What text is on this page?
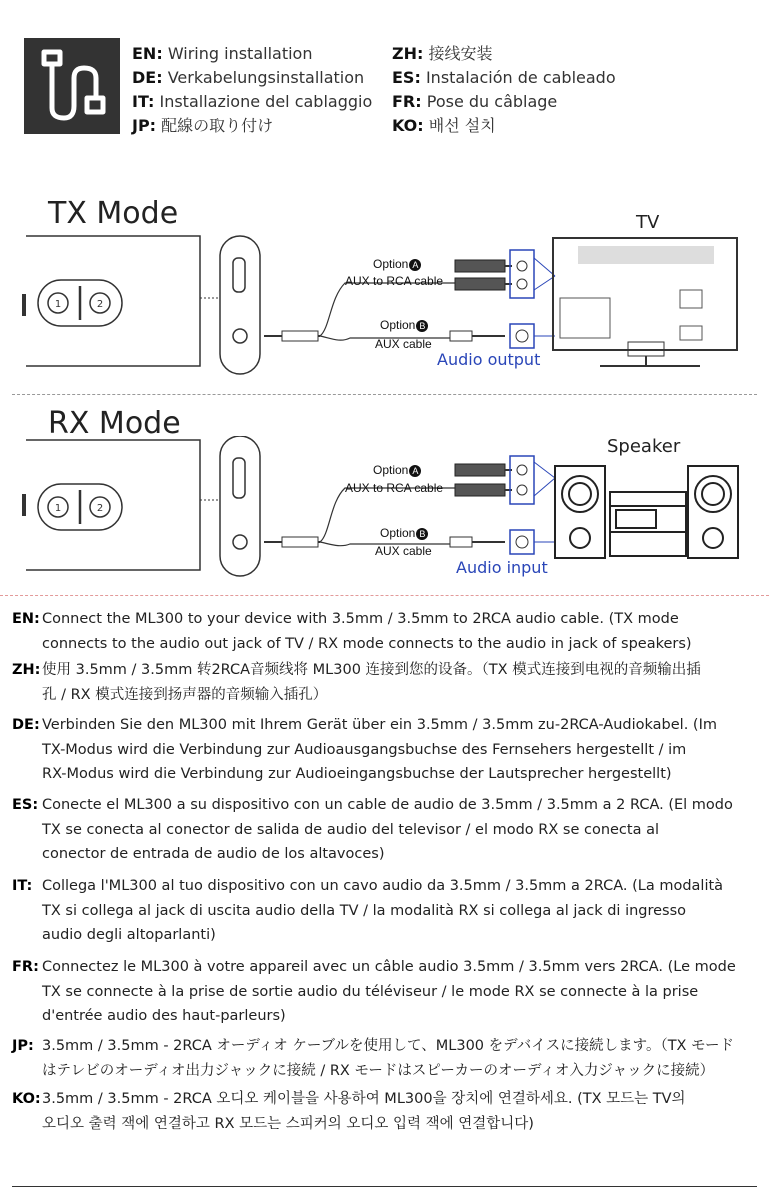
EN: Wiring installation
DE: Verkabelungsinstallation
IT: Installazione del cablaggio
JP: 配線の取り付け
ZH: 接线安装
ES: Instalación de cableado
FR: Pose du câblage
KO: 배선 설치
TX Mode	TV
1	2
Option A
AUX to RCA cable
Option B
AUX cable
Audio output
RX Mode
Speaker
1	2
Option A
AUX to RCA cable
Option B
AUX cable
Audio input
EN: Connect the ML300 to your device with 3.5mm / 3.5mm to 2RCA audio cable. (TX mode
connects to the audio out jack of TV / RX mode connects to the audio in jack of speakers)
ZH: 使用 3.5mm / 3.5mm 转2RCA音频线将 ML300 连接到您的设备。（TX 模式连接到电视的音频输出插
孔 / RX 模式连接到扬声器的音频输入插孔）
DE: Verbinden Sie den ML300 mit Ihrem Gerät über ein 3.5mm / 3.5mm zu-2RCA-Audiokabel. (Im
TX-Modus wird die Verbindung zur Audioausgangsbuchse des Fernsehers hergestellt / im
RX-Modus wird die Verbindung zur Audioeingangsbuchse der Lautsprecher hergestellt)
ES: Conecte el ML300 a su dispositivo con un cable de audio de 3.5mm / 3.5mm a 2 RCA. (El modo
TX se conecta al conector de salida de audio del televisor / el modo RX se conecta al
conector de entrada de audio de los altavoces)
IT: Collega l'ML300 al tuo dispositivo con un cavo audio da 3.5mm / 3.5mm a 2RCA. (La modalità
TX si collega al jack di uscita audio della TV / la modalità RX si collega al jack di ingresso
audio degli altoparlanti)
FR: Connectez le ML300 à votre appareil avec un câble audio 3.5mm / 3.5mm vers 2RCA. (Le mode
TX se connecte à la prise de sortie audio du téléviseur / le mode RX se connecte à la prise
d'entrée audio des haut-parleurs)
JP: 3.5mm / 3.5mm - 2RCA オーディオ ケーブルを使用して、ML300 をデバイスに接続します。（TX モード
はテレビのオーディオ出力ジャックに接続 / RX モードはスピーカーのオーディオ入力ジャックに接続）
KO:3.5mm / 3.5mm - 2RCA 오디오 케이블을 사용하여 ML300을 장치에 연결하세요. (TX 모드는 TV의
오디오 출력 잭에 연결하고 RX 모드는 스피커의 오디오 입력 잭에 연결합니다)
